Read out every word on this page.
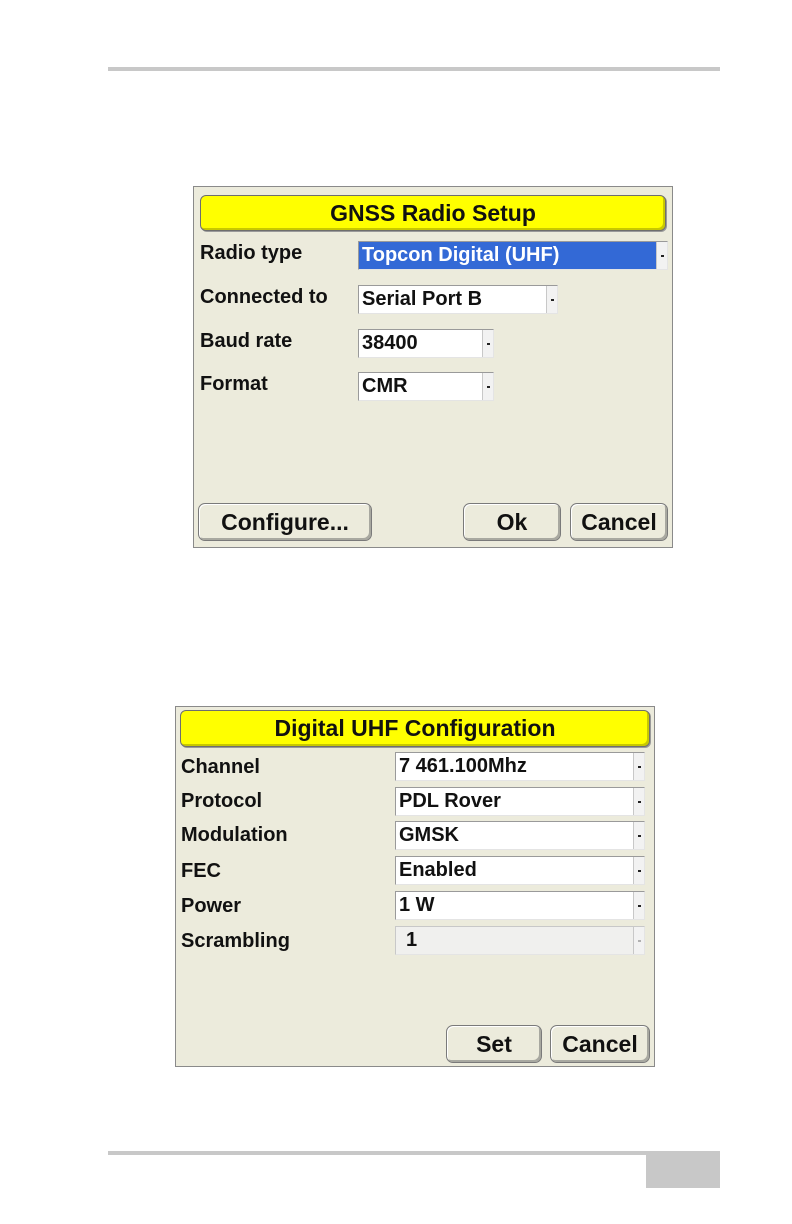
GNSS Radio Setup
Radio type	Topcon Digital (UHF)
Connected to Serial Port B
Baud rate	38400
Format	CMR
Configure...	Ok	Cancel
Digital UHF Configuration
Channel	7 461.100Mhz
Protocol	PDL Rover
Modulation	GMSK
FEC	Enabled
Power	1 W
Scrambling	1
Set	Cancel
